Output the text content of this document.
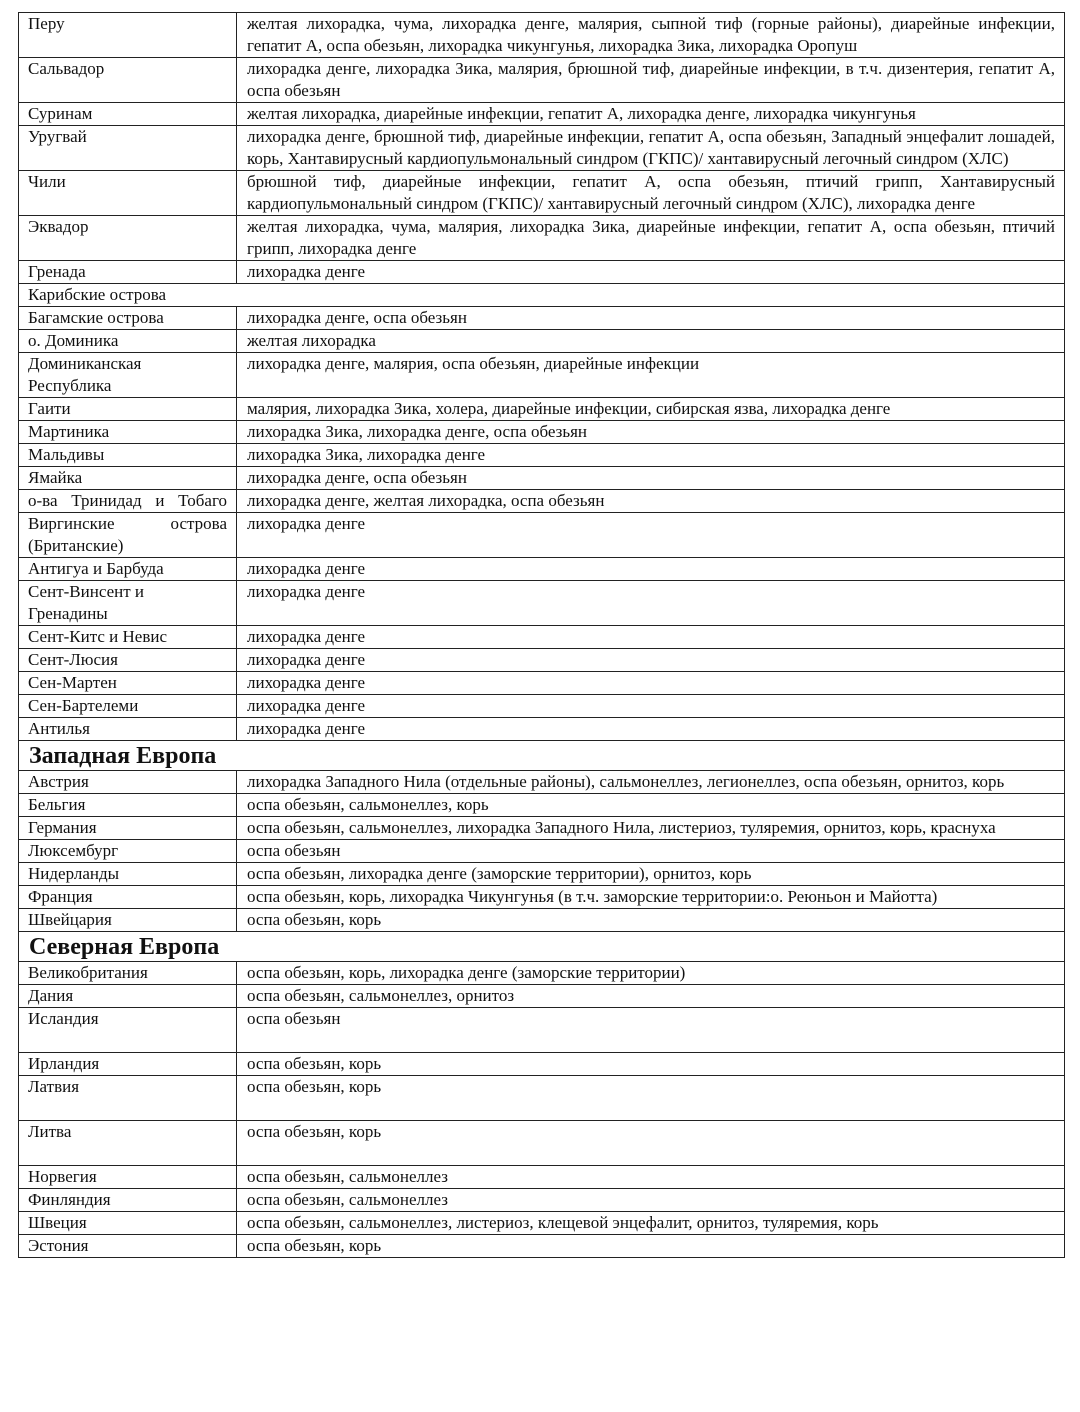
Перу	желтая лихорадка, чума, лихорадка денге, малярия, сыпной тиф (горные районы), диарейные инфекции, гепатит А, оспа обезьян, лихорадка чикунгунья, лихорадка Зика, лихорадка Оропуш
Сальвадор	лихорадка денге, лихорадка Зика, малярия, брюшной тиф, диарейные инфекции, в т.ч. дизентерия, гепатит А, оспа обезьян
Суринам	желтая лихорадка, диарейные инфекции, гепатит А, лихорадка денге, лихорадка чикунгунья
Уругвай	лихорадка денге, брюшной тиф, диарейные инфекции, гепатит А, оспа обезьян, Западный энцефалит лошадей, корь, Хантавирусный кардиопульмональный синдром (ГКПС)/ хантавирусный легочный синдром (ХЛС)
Чили	брюшной тиф, диарейные инфекции, гепатит А, оспа обезьян, птичий грипп, Хантавирусный кардиопульмональный синдром (ГКПС)/ хантавирусный легочный синдром (ХЛС), лихорадка денге
Эквадор	желтая лихорадка, чума, малярия, лихорадка Зика, диарейные инфекции, гепатит А, оспа обезьян, птичий грипп, лихорадка денге
Гренада	лихорадка денге
Карибские острова	
Багамские острова	лихорадка денге, оспа обезьян
о. Доминика	желтая лихорадка
Доминиканская Республика	лихорадка денге, малярия, оспа обезьян, диарейные инфекции
Гаити	малярия, лихорадка Зика, холера, диарейные инфекции, сибирская язва, лихорадка денге
Мартиника	лихорадка Зика, лихорадка денге, оспа обезьян
Мальдивы	лихорадка Зика, лихорадка денге
Ямайка	лихорадка денге, оспа обезьян
о-ва Тринидад и Тобаго	лихорадка денге, желтая лихорадка, оспа обезьян
Виргинские острова (Британские)	лихорадка денге
Антигуа и Барбуда	лихорадка денге
Сент-Винсент и Гренадины	лихорадка денге
Сент-Китс и Невис	лихорадка денге
Сент-Люсия	лихорадка денге
Сен-Мартен	лихорадка денге
Сен-Бартелеми	лихорадка денге
Антилья	лихорадка денге
Западная Европа	
Австрия	лихорадка Западного Нила (отдельные районы), сальмонеллез, легионеллез, оспа обезьян, орнитоз, корь
Бельгия	оспа обезьян, сальмонеллез, корь
Германия	оспа обезьян, сальмонеллез, лихорадка Западного Нила, листериоз, туляремия, орнитоз, корь, краснуха
Люксембург	оспа обезьян
Нидерланды	оспа обезьян, лихорадка денге (заморские территории), орнитоз, корь
Франция	оспа обезьян, корь, лихорадка Чикунгунья (в т.ч. заморские территории:о. Реюньон и Майотта)
Швейцария	оспа обезьян, корь
Северная Европа	
Великобритания	оспа обезьян, корь, лихорадка денге (заморские территории)
Дания	оспа обезьян, сальмонеллез, орнитоз
Исландия	оспа обезьян
Ирландия	оспа обезьян, корь
Латвия	оспа обезьян, корь
Литва	оспа обезьян, корь
Норвегия	оспа обезьян, сальмонеллез
Финляндия	оспа обезьян, сальмонеллез
Швеция	оспа обезьян, сальмонеллез, листериоз, клещевой энцефалит, орнитоз, туляремия, корь
Эстония	оспа обезьян, корь
